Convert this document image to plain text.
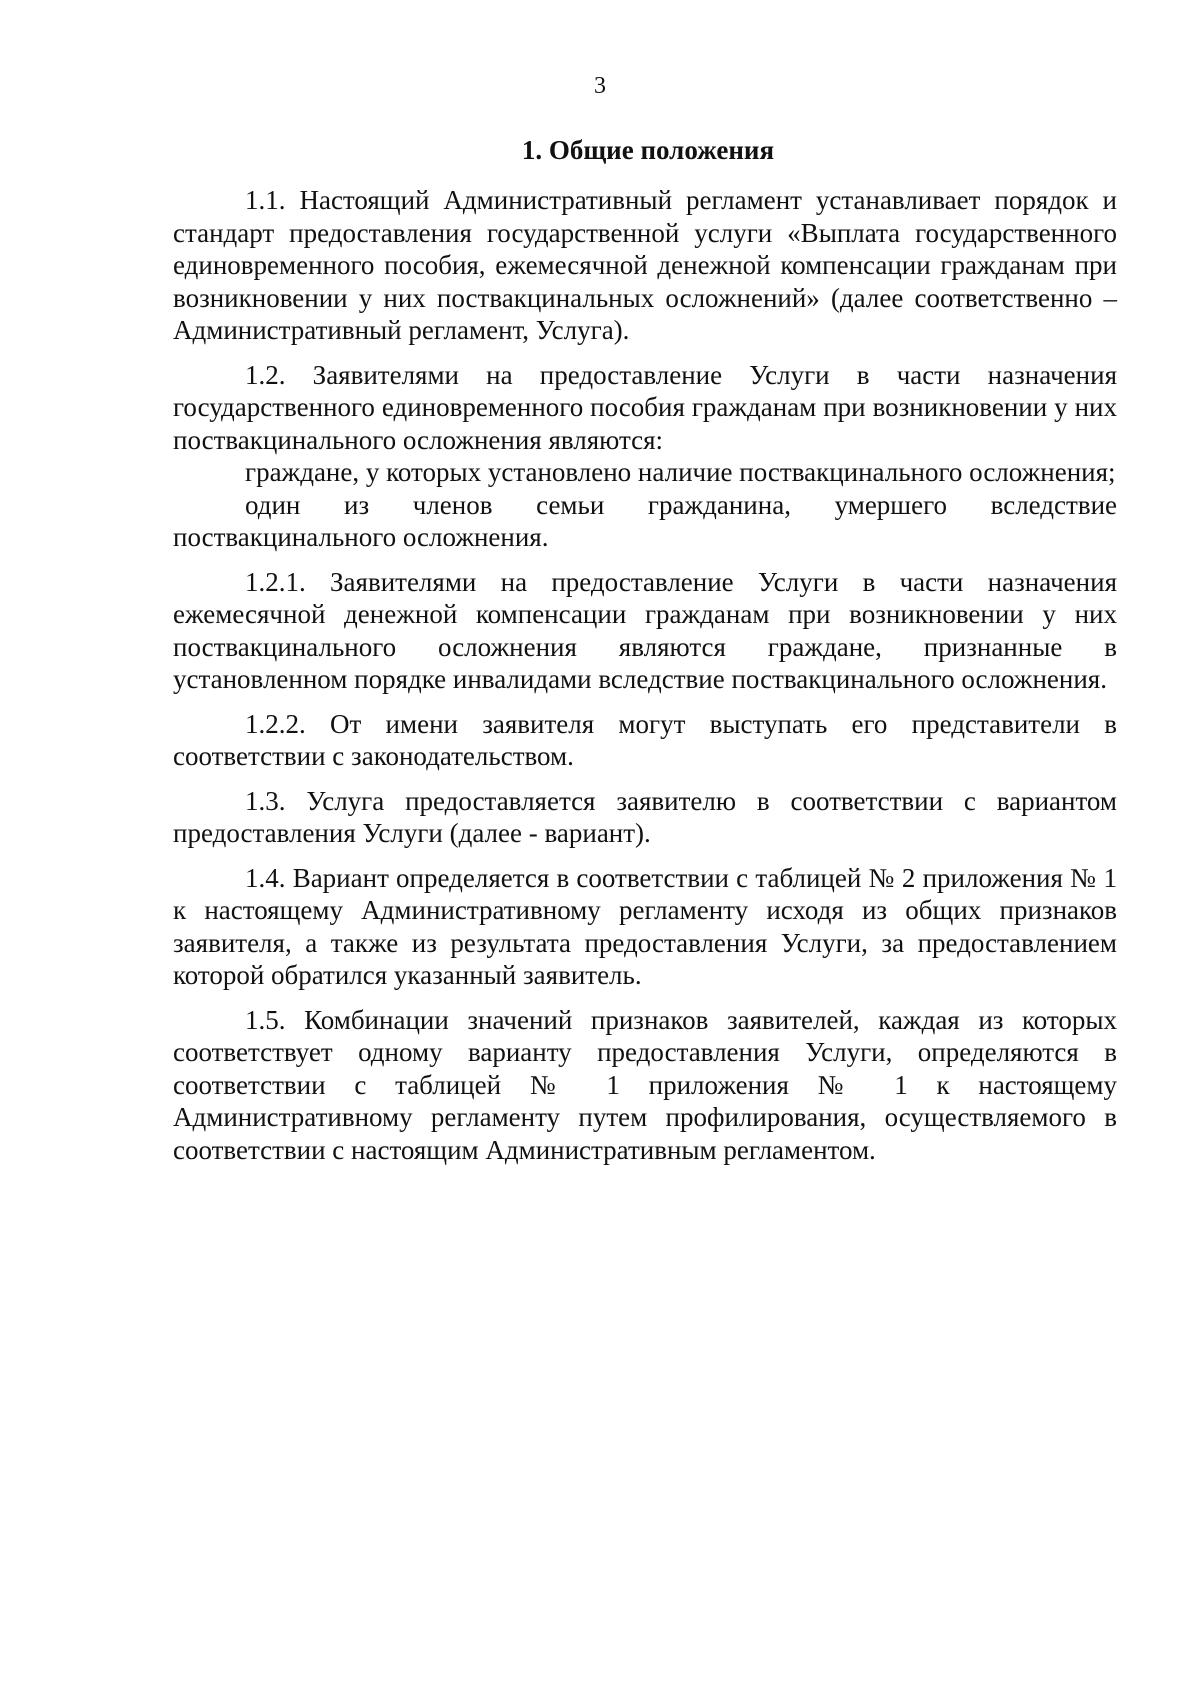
3
1. Общие положения

1.1. Настоящий Административный регламент устанавливает порядок и стандарт предоставления государственной услуги «Выплата государственного единовременного пособия, ежемесячной денежной компенсации гражданам при возникновении у них поствакцинальных осложнений» (далее соответственно – Административный регламент, Услуга).

1.2. Заявителями на предоставление Услуги в части назначения государственного единовременного пособия гражданам при возникновении у них поствакцинального осложнения являются:

граждане, у которых установлено наличие поствакцинального осложнения;

один из членов семьи гражданина, умершего вследствие поствакцинального осложнения.

1.2.1. Заявителями на предоставление Услуги в части назначения ежемесячной денежной компенсации гражданам при возникновении у них поствакцинального осложнения являются граждане, признанные в установленном порядке инвалидами вследствие поствакцинального осложнения.

1.2.2. От имени заявителя могут выступать его представители в соответствии с законодательством.

1.3. Услуга предоставляется заявителю в соответствии с вариантом предоставления Услуги (далее - вариант).

1.4. Вариант определяется в соответствии с таблицей № 2 приложения № 1 к настоящему Административному регламенту исходя из общих признаков заявителя, а также из результата предоставления Услуги, за предоставлением которой обратился указанный заявитель.

1.5. Комбинации значений признаков заявителей, каждая из которых соответствует одному варианту предоставления Услуги, определяются в соответствии с таблицей № 1 приложения № 1 к настоящему Административному регламенту путем профилирования, осуществляемого в соответствии с настоящим Административным регламентом.
